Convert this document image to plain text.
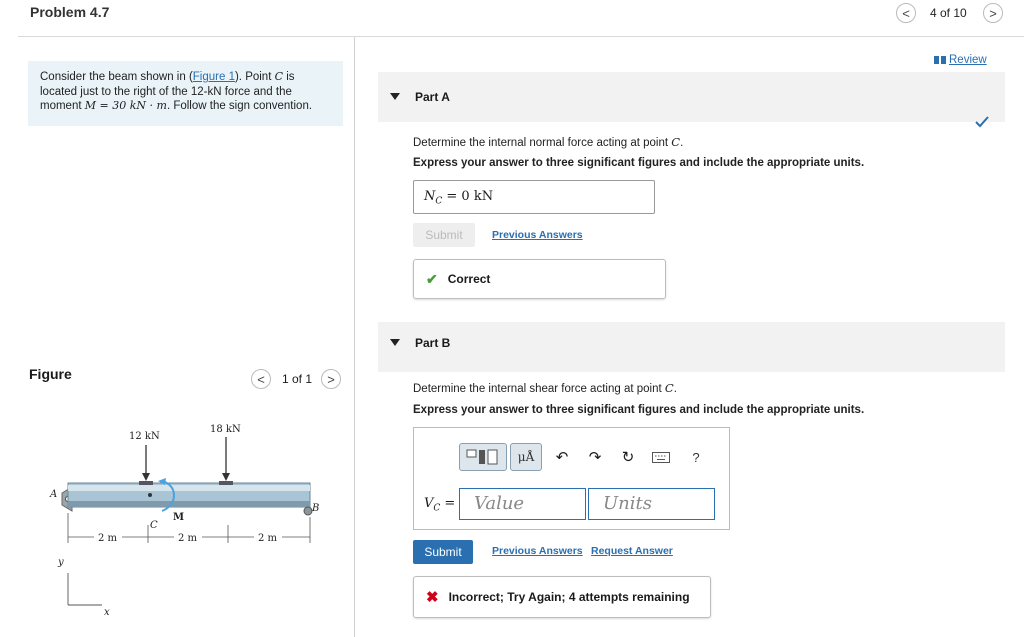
Problem 4.7	< 4 of 10 >
Consider the beam shown in (Figure 1). Point C is located just to the right of the 12-kN force and the moment M = 30 kN · m. Follow the sign convention.
Figure	< 1 of 1 >
12 kN
18 kN
A
B
C
M
2 m	2 m	2 m
y
x
Review
Part A
Determine the internal normal force acting at point C.
Express your answer to three significant figures and include the appropriate units.
$N_C = 0$ kN
Submit	Previous Answers
✔ Correct
Part B
Determine the internal shear force acting at point C.
Express your answer to three significant figures and include the appropriate units.
μÅ	↶ ↷ ↻	?
$V_C$ =	Value	Units
Submit	Previous Answers Request Answer
✖ Incorrect; Try Again; 4 attempts remaining
